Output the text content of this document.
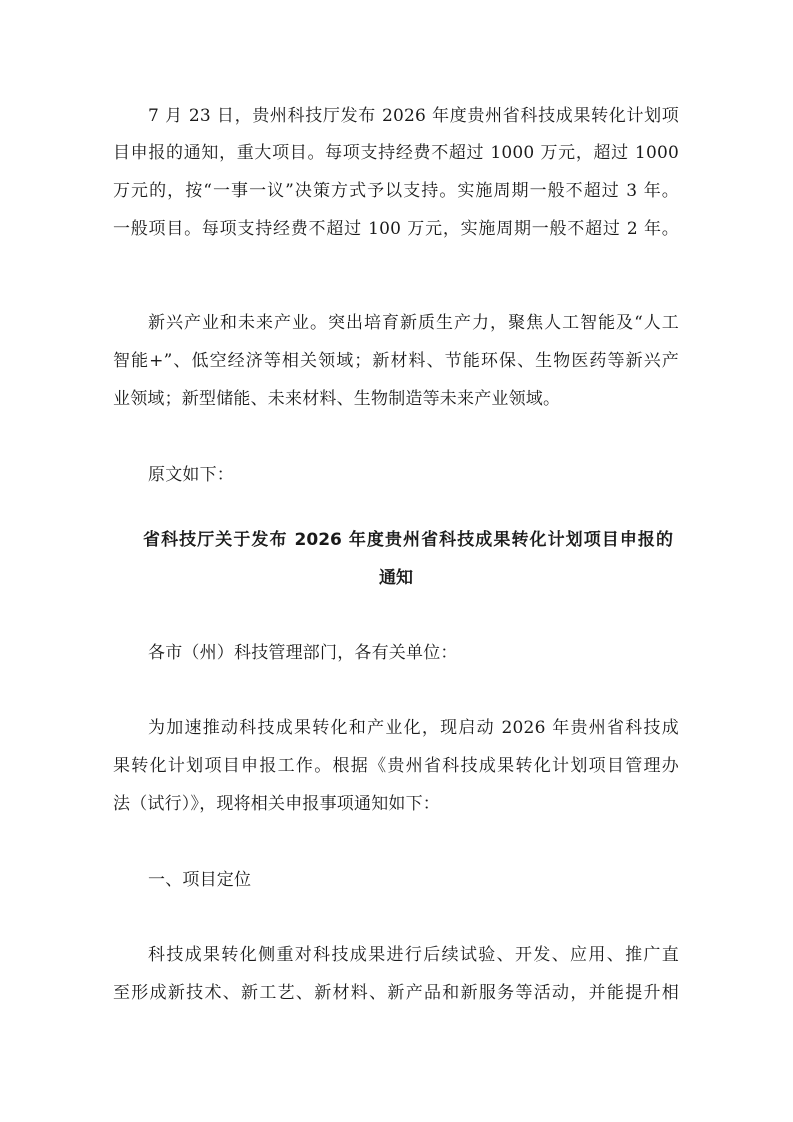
7 月 23 日，贵州科技厅发布 2026 年度贵州省科技成果转化计划项
目申报的通知，重大项目。每项支持经费不超过 1000 万元，超过 1000
万元的，按“一事一议”决策方式予以支持。实施周期一般不超过 3 年。
一般项目。每项支持经费不超过 100 万元，实施周期一般不超过 2 年。
新兴产业和未来产业。突出培育新质生产力，聚焦人工智能及“人工
智能+”、低空经济等相关领域；新材料、节能环保、生物医药等新兴产
业领域；新型储能、未来材料、生物制造等未来产业领域。
原文如下：
省科技厅关于发布 2026 年度贵州省科技成果转化计划项目申报的
通知
各市（州）科技管理部门，各有关单位：
为加速推动科技成果转化和产业化，现启动 2026 年贵州省科技成
果转化计划项目申报工作。根据《贵州省科技成果转化计划项目管理办
法（试行）》，现将相关申报事项通知如下：
一、项目定位
科技成果转化侧重对科技成果进行后续试验、开发、应用、推广直
至形成新技术、新工艺、新材料、新产品和新服务等活动，并能提升相
